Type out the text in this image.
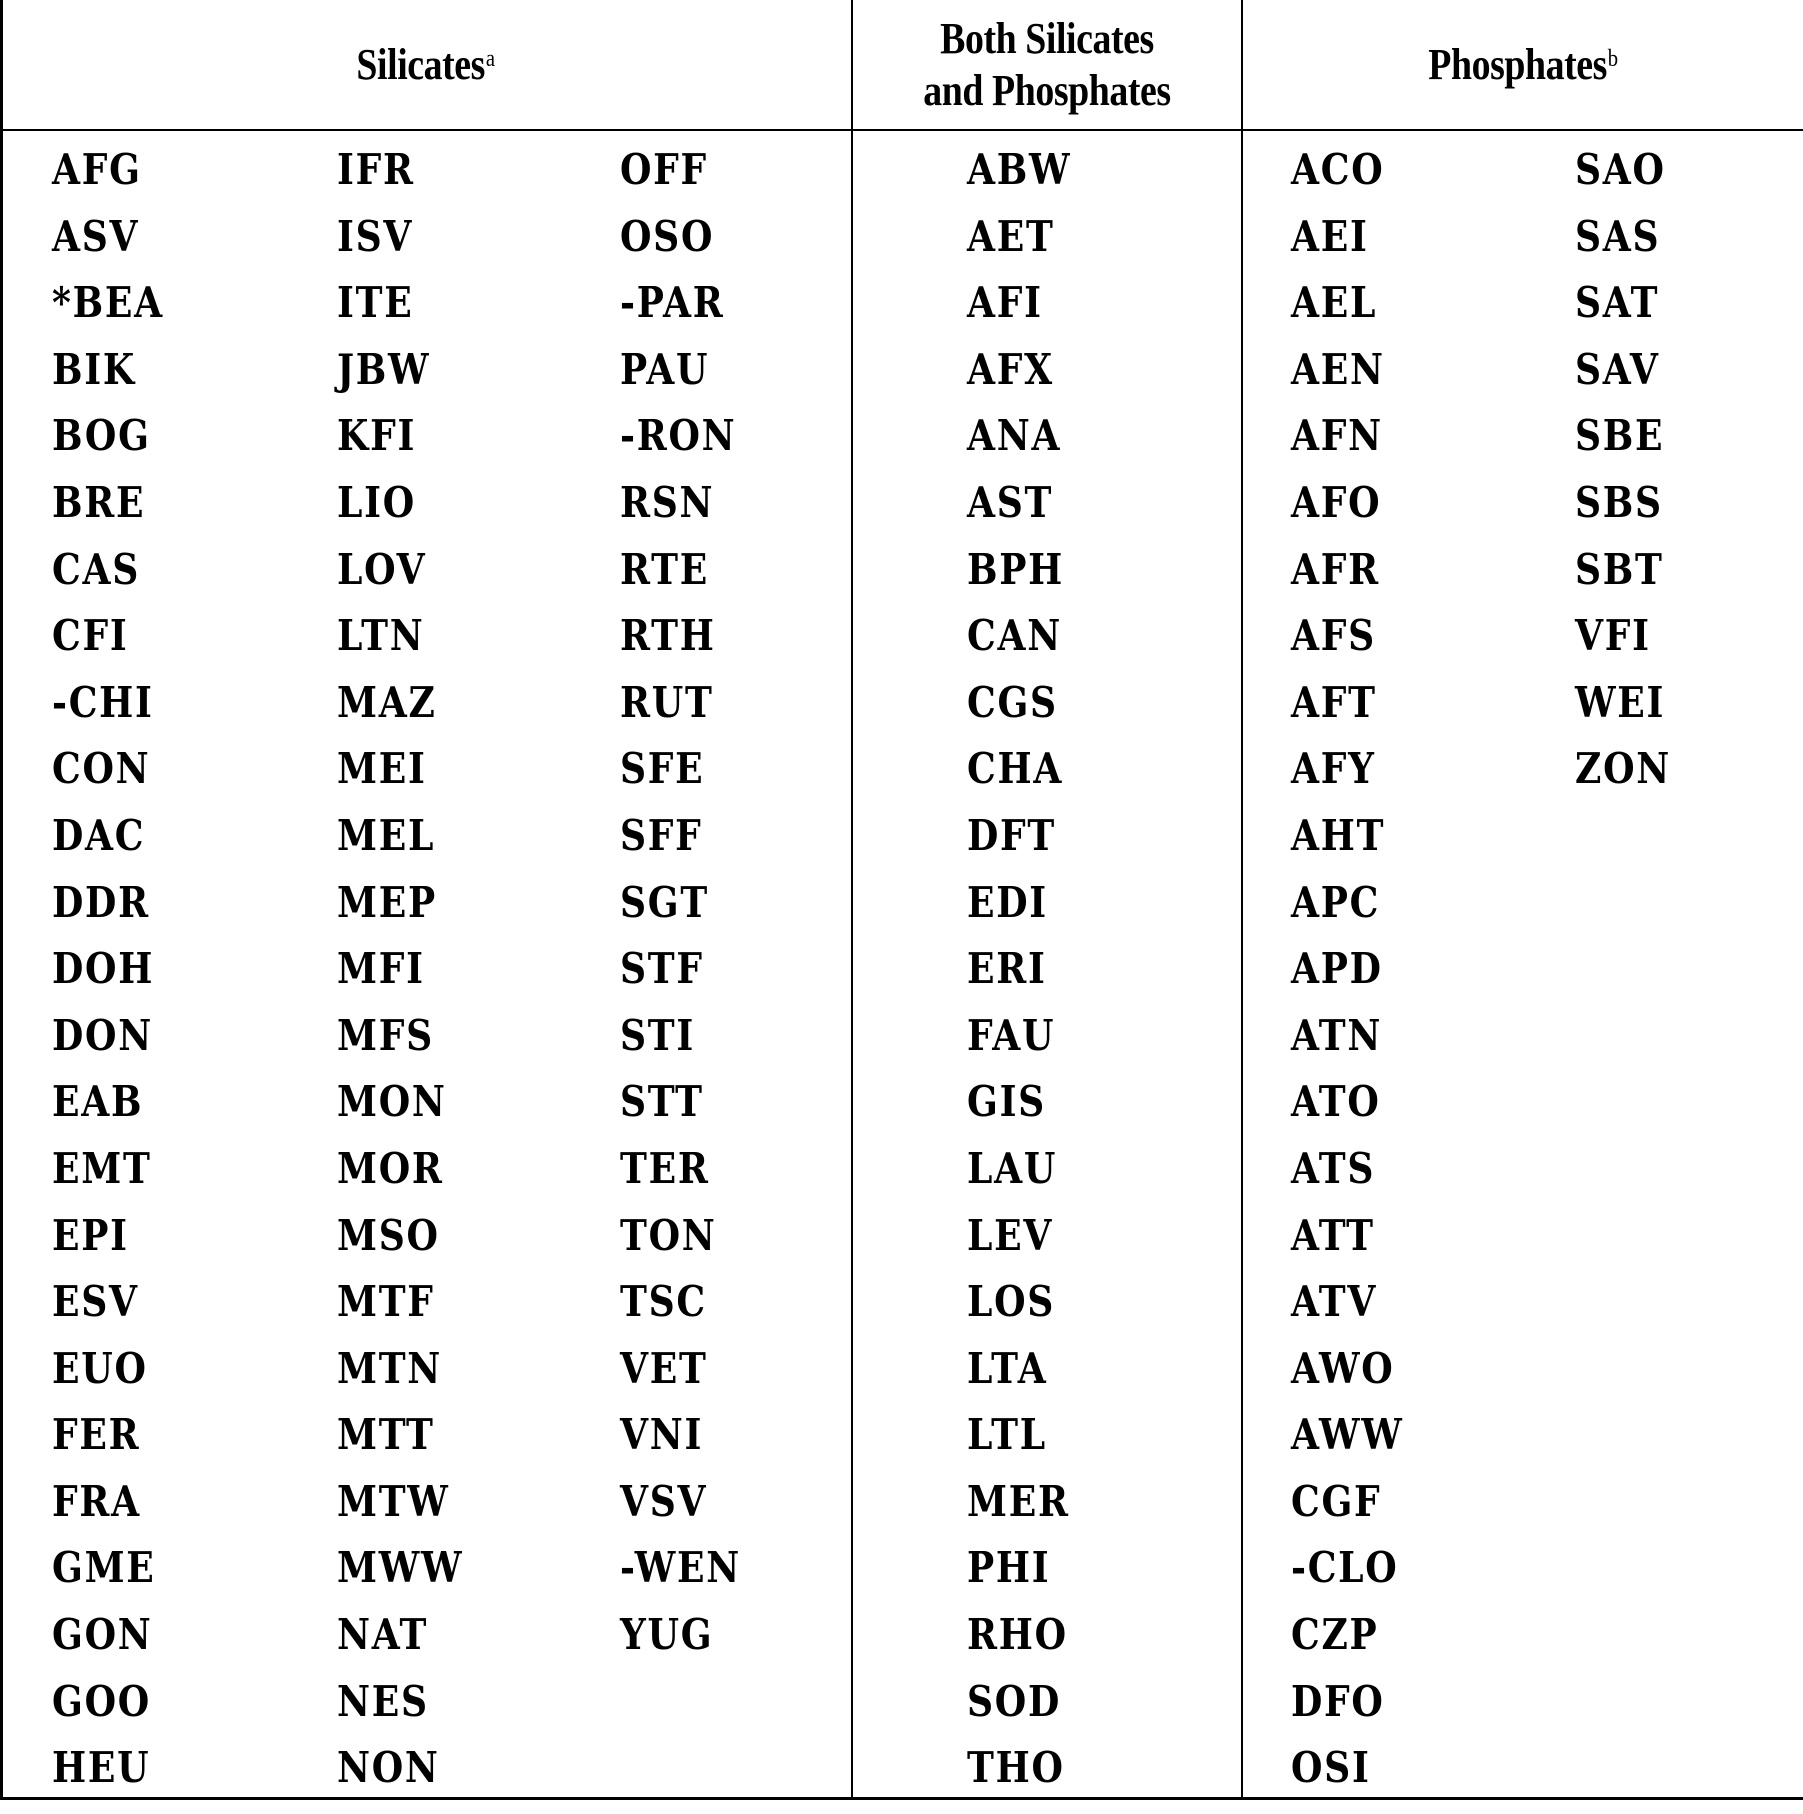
Silicates$^a$	Both Silicates
and Phosphates
Phosphates$^b$
AFG
ASV
*BEA
BIK
BOG
BRE
CAS
CFI
-CHI
CON
DAC
DDR
DOH
DON
EAB
EMT
EPI
ESV
EUO
FER
FRA
GME
GON
GOO
HEU
IFR
ISV
ITE
JBW
KFI
LIO
LOV
LTN
MAZ
MEI
MEL
MEP
MFI
MFS
MON
MOR
MSO
MTF
MTN
MTT
MTW
MWW
NAT
NES
NON
OFF
OSO
-PAR
PAU
-RON
RSN
RTE
RTH
RUT
SFE
SFF
SGT
STF
STI
STT
TER
TON
TSC
VET
VNI
VSV
-WEN
YUG
ABW
AET
AFI
AFX
ANA
AST
BPH
CAN
CGS
CHA
DFT
EDI
ERI
FAU
GIS
LAU
LEV
LOS
LTA
LTL
MER
PHI
RHO
SOD
THO
ACO
AEI
AEL
AEN
AFN
AFO
AFR
AFS
AFT
AFY
AHT
APC
APD
ATN
ATO
ATS
ATT
ATV
AWO
AWW
CGF
-CLO
CZP
DFO
OSI
SAO
SAS
SAT
SAV
SBE
SBS
SBT
VFI
WEI
ZON
